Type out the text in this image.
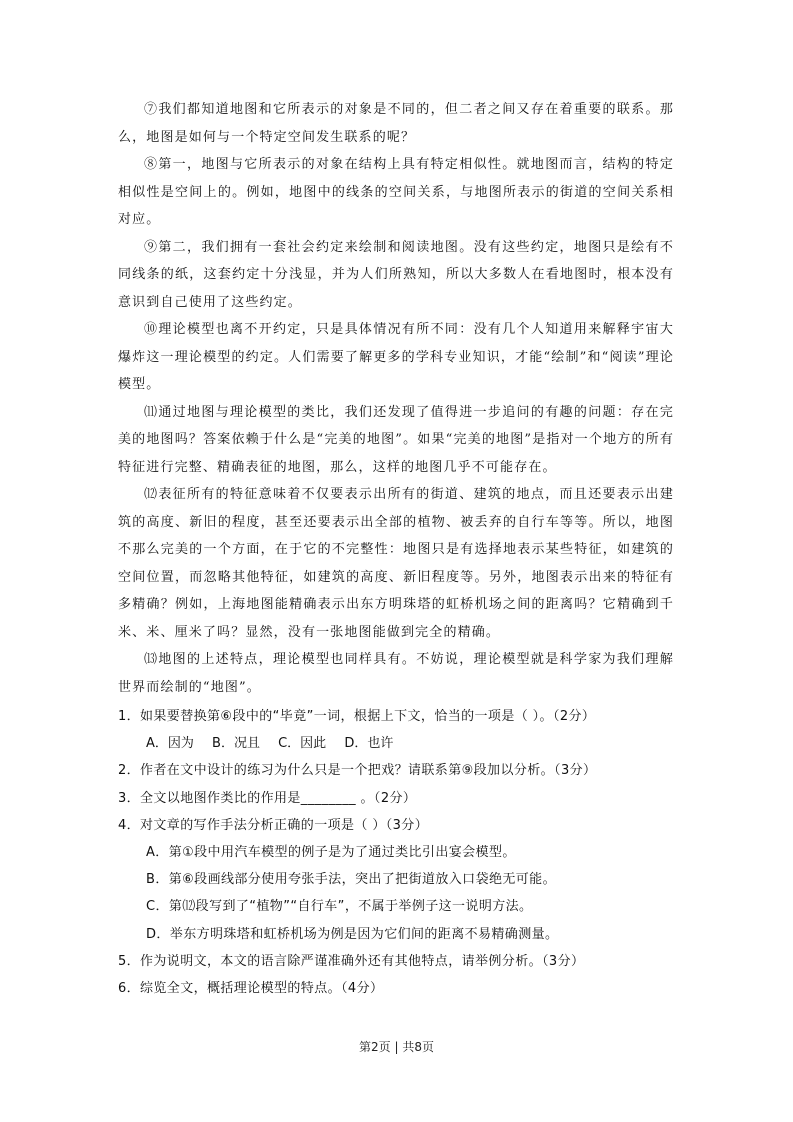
⑦我们都知道地图和它所表示的对象是不同的，但二者之间又存在着重要的联系。那么，地图是如何与一个特定空间发生联系的呢？

⑧第一，地图与它所表示的对象在结构上具有特定相似性。就地图而言，结构的特定相似性是空间上的。例如，地图中的线条的空间关系，与地图所表示的街道的空间关系相对应。

⑨第二，我们拥有一套社会约定来绘制和阅读地图。没有这些约定，地图只是绘有不同线条的纸，这套约定十分浅显，并为人们所熟知，所以大多数人在看地图时，根本没有意识到自己使用了这些约定。

⑩理论模型也离不开约定，只是具体情况有所不同：没有几个人知道用来解释宇宙大爆炸这一理论模型的约定。人们需要了解更多的学科专业知识，才能“绘制”和“阅读”理论模型。

⑾通过地图与理论模型的类比，我们还发现了值得进一步追问的有趣的问题：存在完美的地图吗？答案依赖于什么是“完美的地图”。如果“完美的地图”是指对一个地方的所有特征进行完整、精确表征的地图，那么，这样的地图几乎不可能存在。

⑿表征所有的特征意味着不仅要表示出所有的街道、建筑的地点，而且还要表示出建筑的高度、新旧的程度，甚至还要表示出全部的植物、被丢弃的自行车等等。所以，地图不那么完美的一个方面，在于它的不完整性：地图只是有选择地表示某些特征，如建筑的空间位置，而忽略其他特征，如建筑的高度、新旧程度等。另外，地图表示出来的特征有多精确？例如，上海地图能精确表示出东方明珠塔的虹桥机场之间的距离吗？它精确到千米、米、厘米了吗？显然，没有一张地图能做到完全的精确。

⒀地图的上述特点，理论模型也同样具有。不妨说，理论模型就是科学家为我们理解世界而绘制的“地图”。

1．如果要替换第⑥段中的“毕竟”一词，根据上下文，恰当的一项是（ ）。（2分）
A．因为 B．况且 C．因此 D．也许
2．作者在文中设计的练习为什么只是一个把戏？请联系第⑨段加以分析。（3分）
3．全文以地图作类比的作用是________ 。（2分）
4．对文章的写作手法分析正确的一项是（ ）（3分）
A．第①段中用汽车模型的例子是为了通过类比引出宴会模型。
B．第⑥段画线部分使用夸张手法，突出了把街道放入口袋绝无可能。
C．第⑿段写到了“植物”“自行车”，不属于举例子这一说明方法。
D．举东方明珠塔和虹桥机场为例是因为它们间的距离不易精确测量。
5．作为说明文，本文的语言除严谨准确外还有其他特点，请举例分析。（3分）
6．综览全文，概括理论模型的特点。（4分）
第2页 | 共8页
